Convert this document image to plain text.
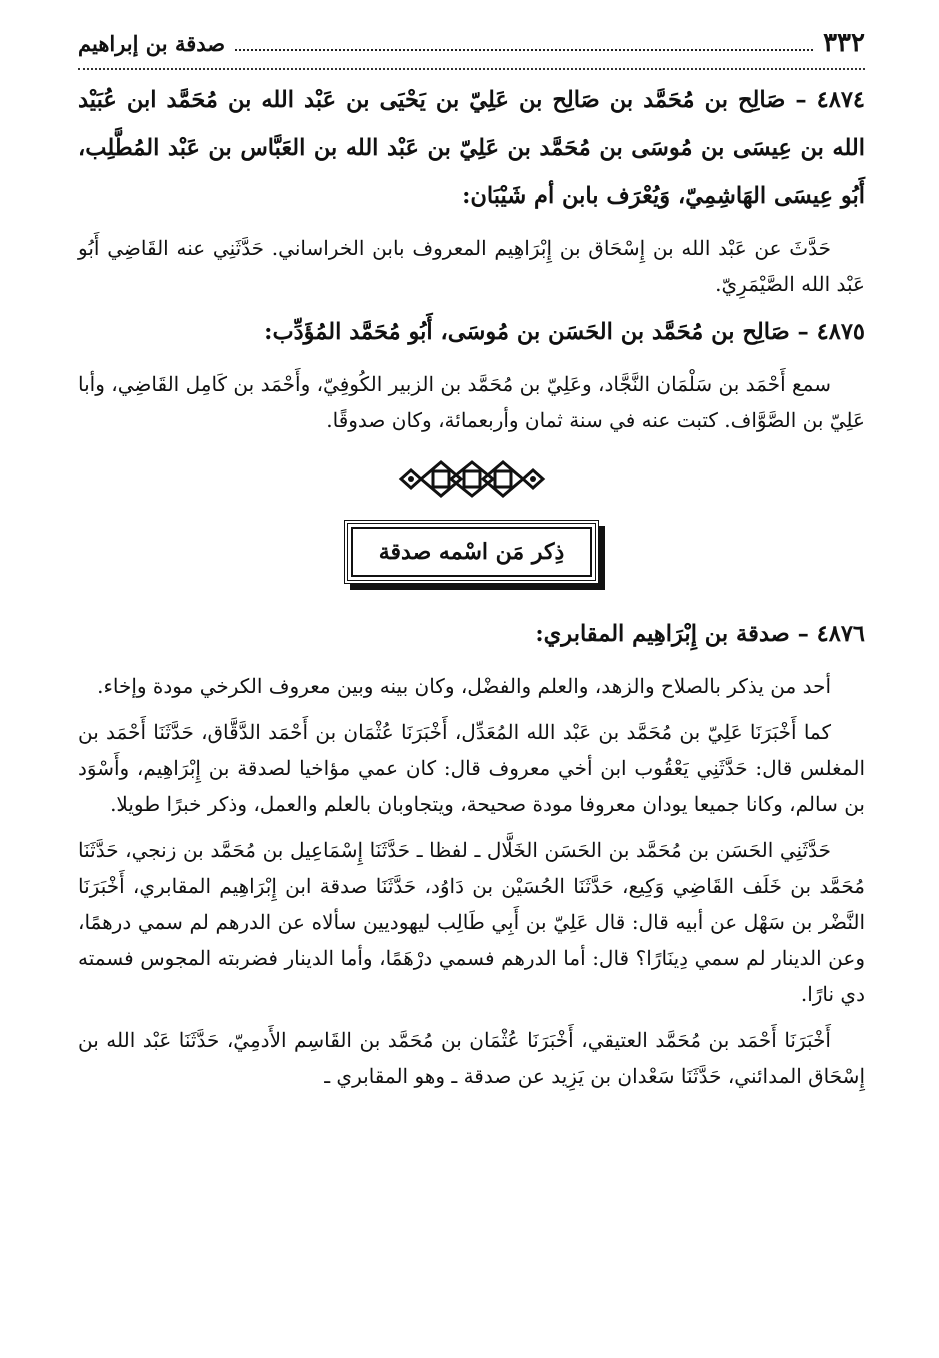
٣٣٢
صدقة بن إبراهيم
٤٨٧٤ – صَالِح بن مُحَمَّد بن صَالِح بن عَلِيّ بن يَحْيَى بن عَبْد الله بن مُحَمَّد ابن عُبَيْد الله بن عِيسَى بن مُوسَى بن مُحَمَّد بن عَلِيّ بن عَبْد الله بن العَبَّاس بن عَبْد المُطَّلِب، أَبُو عِيسَى الهَاشِمِيّ، وَيُعْرَف بابن أم شَيْبَان:
حَدَّثَ عن عَبْد الله بن إِسْحَاق بن إِبْرَاهِيم المعروف بابن الخراساني. حَدَّثَنِي عنه القَاضِي أَبُو عَبْد الله الصَّيْمَرِيّ.
٤٨٧٥ – صَالِح بن مُحَمَّد بن الحَسَن بن مُوسَى، أَبُو مُحَمَّد المُؤَدِّب:
سمع أَحْمَد بن سَلْمَان النَّجَّاد، وعَلِيّ بن مُحَمَّد بن الزبير الكُوفِيّ، وأَحْمَد بن كَامِل القَاضِي، وأبا عَلِيّ بن الصَّوَّاف. كتبت عنه في سنة ثمان وأربعمائة، وكان صدوقًا.
ذِكر مَن اسْمه صدقة
٤٨٧٦ – صدقة بن إِبْرَاهِيم المقابري:
أحد من يذكر بالصلاح والزهد، والعلم والفضْل، وكان بينه وبين معروف الكرخي مودة وإخاء.
كما أَخْبَرَنَا عَلِيّ بن مُحَمَّد بن عَبْد الله المُعَدِّل، أَخْبَرَنَا عُثْمَان بن أَحْمَد الدَّقَّاق، حَدَّثَنَا أَحْمَد بن المغلس قال: حَدَّثَنِي يَعْقُوب ابن أخي معروف قال: كان عمي مؤاخيا لصدقة بن إِبْرَاهِيم، وأَسْوَد بن سالم، وكانا جميعا يودان معروفا مودة صحيحة، ويتجاوبان بالعلم والعمل، وذكر خبرًا طويلا.
حَدَّثَنِي الحَسَن بن مُحَمَّد بن الحَسَن الخَلَّال ـ لفظا ـ حَدَّثَنَا إِسْمَاعِيل بن مُحَمَّد بن زنجي، حَدَّثَنَا مُحَمَّد بن خَلَف القَاضِي وَكِيع، حَدَّثَنَا الحُسَيْن بن دَاوُد، حَدَّثَنَا صدقة ابن إِبْرَاهِيم المقابري، أَخْبَرَنَا النَّضْر بن سَهْل عن أبيه قال: قال عَلِيّ بن أَبِي طَالِب ليهوديين سألاه عن الدرهم لم سمي درهمًا، وعن الدينار لم سمي دِينَارًا؟ قال: أما الدرهم فسمي درْهَمًا، وأما الدينار فضربته المجوس فسمته دي نارًا.
أَخْبَرَنَا أَحْمَد بن مُحَمَّد العتيقي، أَخْبَرَنَا عُثْمَان بن مُحَمَّد بن القَاسِم الأَدمِيّ، حَدَّثَنَا عَبْد الله بن إِسْحَاق المدائني، حَدَّثَنَا سَعْدان بن يَزِيد عن صدقة ـ وهو المقابري ـ
